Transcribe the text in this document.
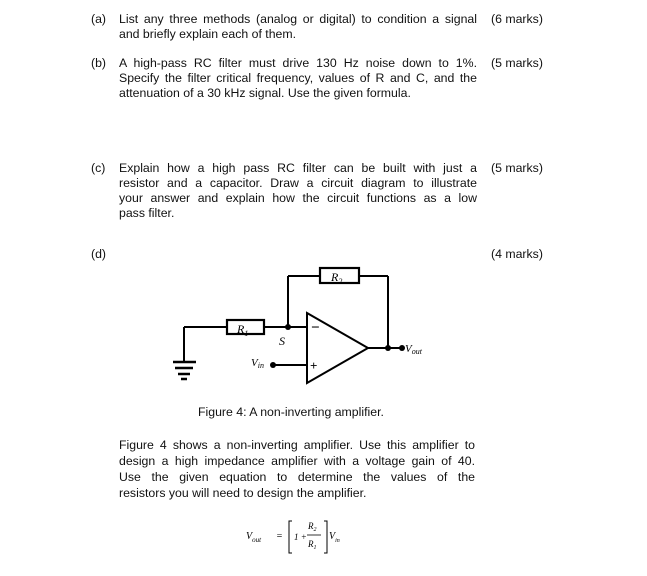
(a) List any three methods (analog or digital) to condition a signal
and briefly explain each of them.
(6 marks)
(b) A high-pass RC filter must drive 130 Hz noise down to 1%.
Specify the filter critical frequency, values of R and C, and the
attenuation of a 30 kHz signal. Use the given formula.
(5 marks)
(c) Explain how a high pass RC filter can be built with just a
resistor and a capacitor. Draw a circuit diagram to illustrate
your answer and explain how the circuit functions as a low
pass filter.
(5 marks)
(d)	(4 marks)
$R_2$
$R_1$
S
Vin
Vout
−
+
Figure 4: A non-inverting amplifier.
Figure 4 shows a non-inverting amplifier. Use this amplifier to
design a high impedance amplifier with a voltage gain of 40.
Use the given equation to determine the values of the
resistors you will need to design the amplifier.
$V_{out} = 1$ +
$R_2$
$R_1$
$V_{in}$
